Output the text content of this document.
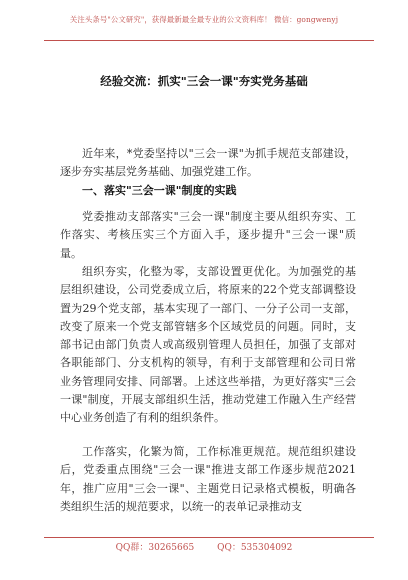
关注头条号"公文研究"，获得最新最全最专业的公文资料库！ 微信：gongwenyj
经验交流：抓实"三会一课"夯实党务基础
近年来，*党委坚持以"三会一课"为抓手规范支部建设，逐步夯实基层党务基础、加强党建工作。
一、落实"三会一课"制度的实践
党委推动支部落实"三会一课"制度主要从组织夯实、工作落实、考核压实三个方面入手，逐步提升"三会一课"质量。
组织夯实，化整为零，支部设置更优化。为加强党的基层组织建设，公司党委成立后，将原来的22个党支部调整设置为29个党支部，基本实现了一部门、一分子公司一支部，改变了原来一个党支部管辖多个区域党员的问题。同时，支部书记由部门负责人或高级别管理人员担任，加强了支部对各职能部门、分支机构的领导，有利于支部管理和公司日常业务管理同安排、同部署。上述这些举措，为更好落实"三会一课"制度，开展支部组织生活，推动党建工作融入生产经营中心业务创造了有利的组织条件。
工作落实，化繁为简，工作标准更规范。规范组织建设后，党委重点围绕"三会一课"推进支部工作逐步规范2021年，推广应用"三会一课"、主题党日记录格式模板，明确各类组织生活的规范要求，以统一的表单记录推动支
QQ群：30265665	QQ：535304092
